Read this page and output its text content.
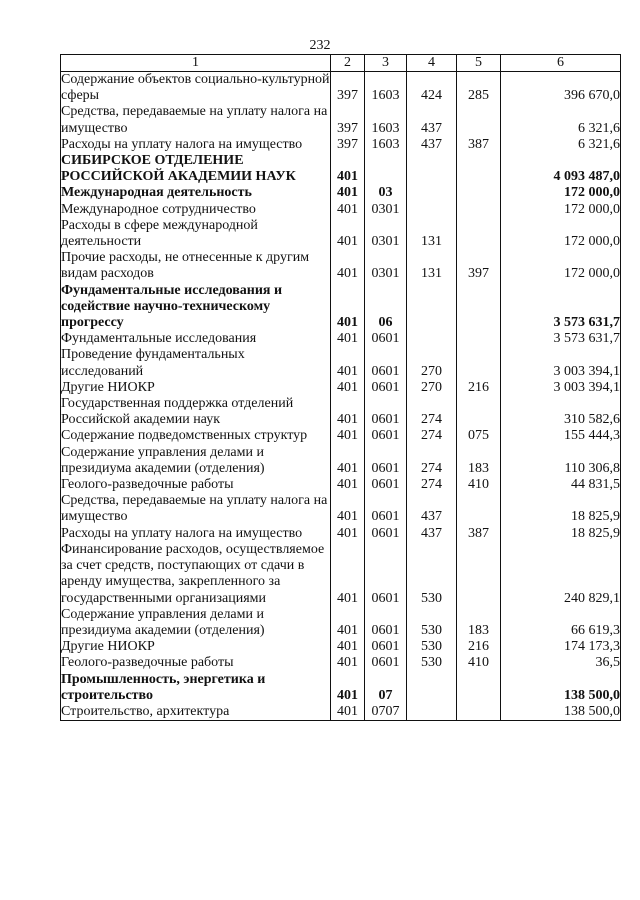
232
1	2	3	4	5	6
Содержание объектов социально-культурной сферы	397	1603	424	285	396 670,0
Средства, передаваемые на уплату налога на имущество	397	1603	437		6 321,6
Расходы на уплату налога на имущество	397	1603	437	387	6 321,6
СИБИРСКОЕ ОТДЕЛЕНИЕ РОССИЙСКОЙ АКАДЕМИИ НАУК	401				4 093 487,0
Международная деятельность	401	03			172 000,0
Международное сотрудничество	401	0301			172 000,0
Расходы в сфере международной деятельности	401	0301	131		172 000,0
Прочие расходы, не отнесенные к другим видам расходов	401	0301	131	397	172 000,0
Фундаментальные исследования и содействие научно-техническому прогрессу	401	06			3 573 631,7
Фундаментальные исследования	401	0601			3 573 631,7
Проведение фундаментальных исследований	401	0601	270		3 003 394,1
Другие НИОКР	401	0601	270	216	3 003 394,1
Государственная поддержка отделений Российской академии наук	401	0601	274		310 582,6
Содержание подведомственных структур	401	0601	274	075	155 444,3
Содержание управления делами и президиума академии (отделения)	401	0601	274	183	110 306,8
Геолого-разведочные работы	401	0601	274	410	44 831,5
Средства, передаваемые на уплату налога на имущество	401	0601	437		18 825,9
Расходы на уплату налога на имущество	401	0601	437	387	18 825,9
Финансирование расходов, осуществляемое за счет средств, поступающих от сдачи в аренду имущества, закрепленного за государственными организациями	401	0601	530		240 829,1
Содержание управления делами и президиума академии (отделения)	401	0601	530	183	66 619,3
Другие НИОКР	401	0601	530	216	174 173,3
Геолого-разведочные работы	401	0601	530	410	36,5
Промышленность, энергетика и строительство	401	07			138 500,0
Строительство, архитектура	401	0707			138 500,0
